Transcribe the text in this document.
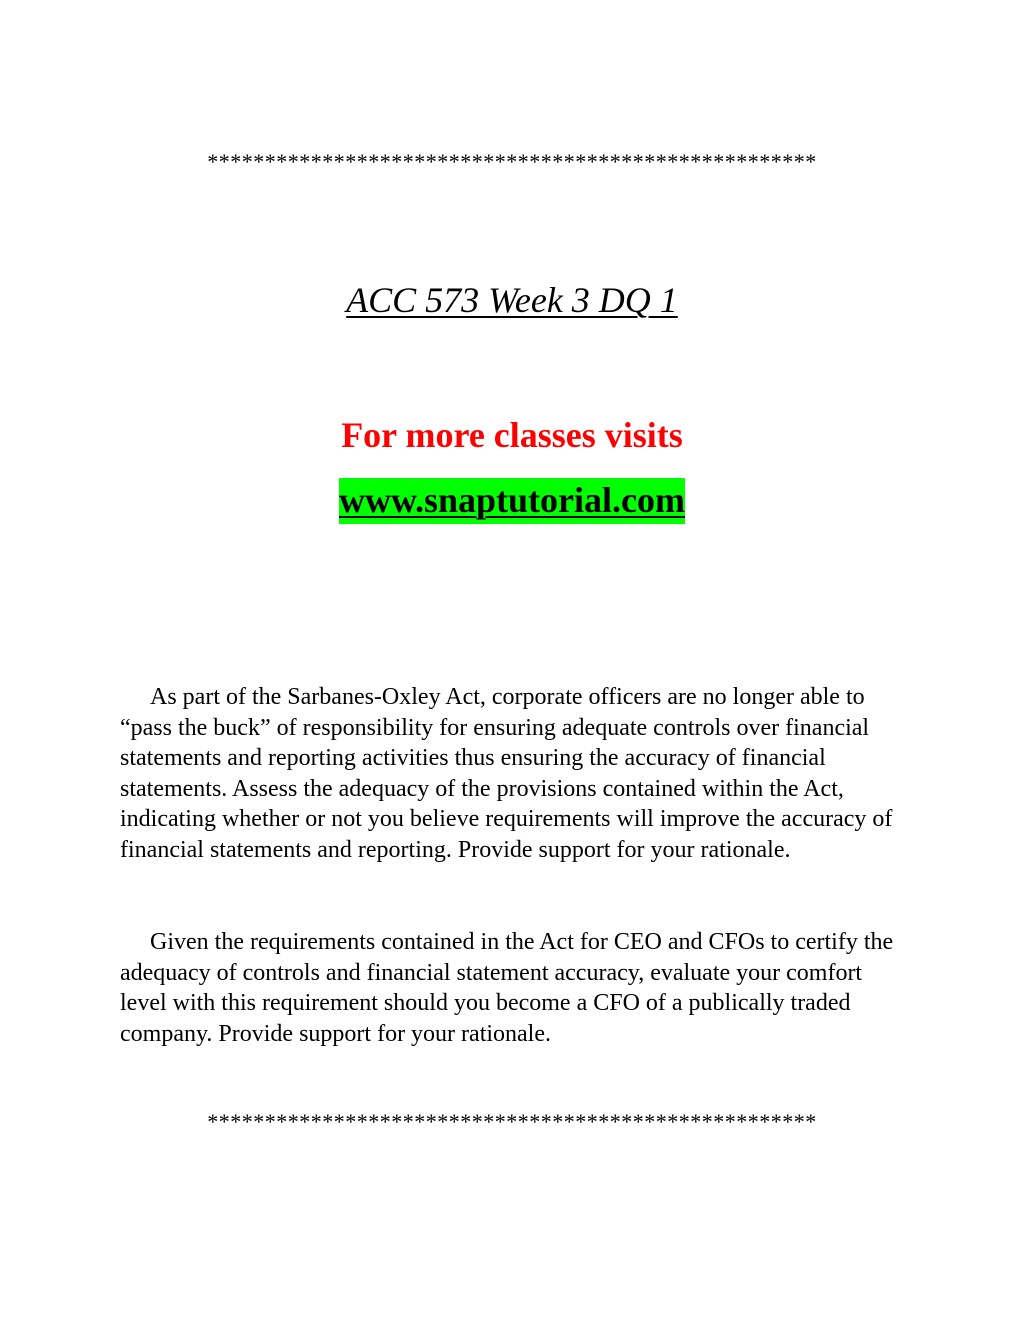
*****************************************************
ACC 573 Week 3 DQ 1
For more classes visits
www.snaptutorial.com

As part of the Sarbanes-Oxley Act, corporate officers are no longer able to “pass the buck” of responsibility for ensuring adequate controls over financial statements and reporting activities thus ensuring the accuracy of financial statements. Assess the adequacy of the provisions contained within the Act, indicating whether or not you believe requirements will improve the accuracy of financial statements and reporting. Provide support for your rationale.

Given the requirements contained in the Act for CEO and CFOs to certify the adequacy of controls and financial statement accuracy, evaluate your comfort level with this requirement should you become a CFO of a publically traded company. Provide support for your rationale.

*****************************************************
